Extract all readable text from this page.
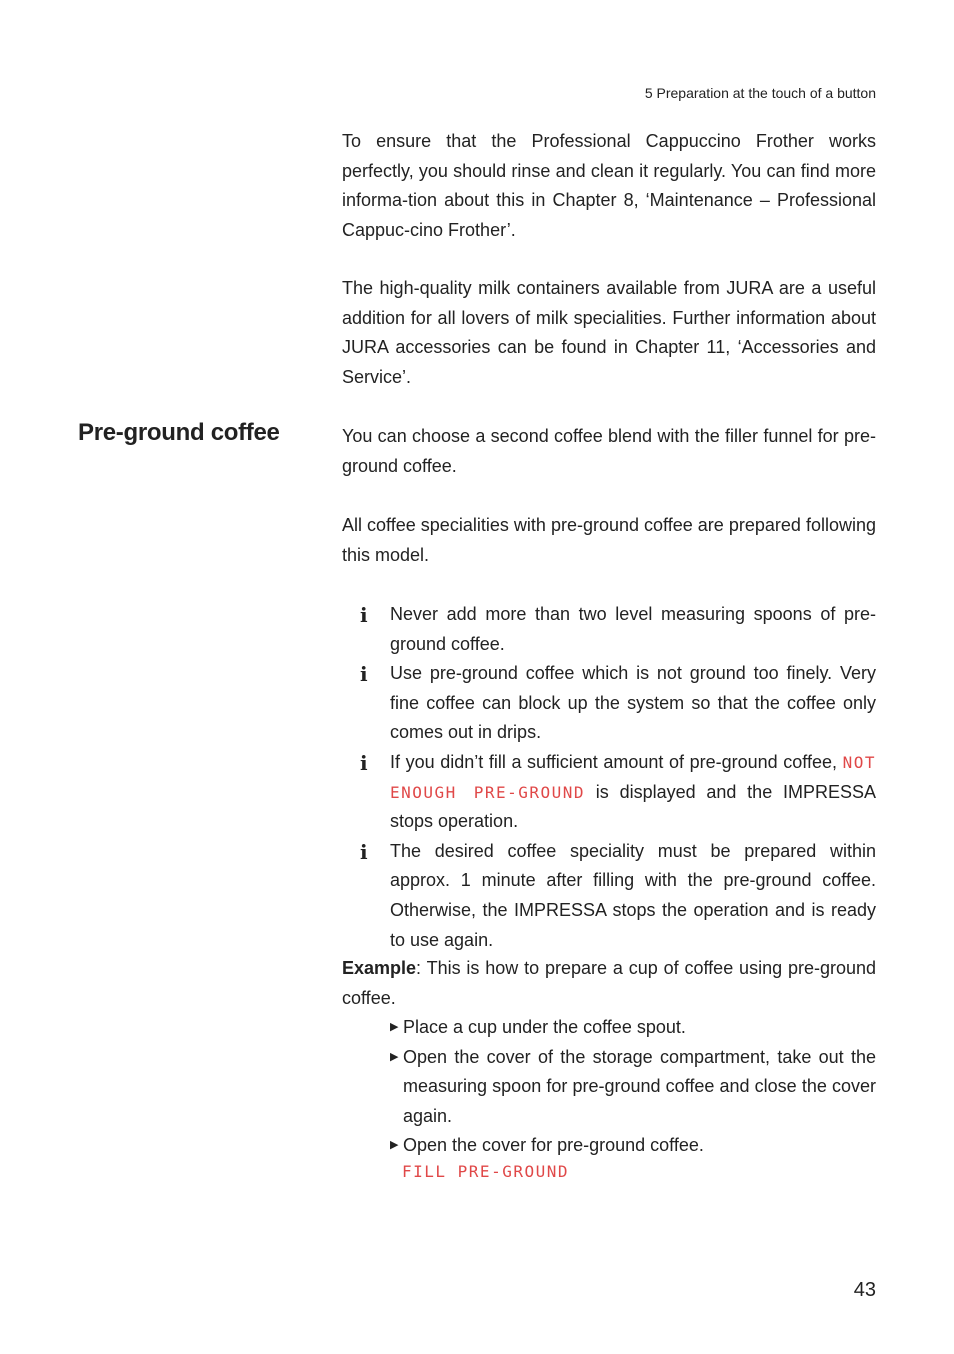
5 Preparation at the touch of a button
To ensure that the Professional Cappuccino Frother works perfectly, you should rinse and clean it regularly. You can find more informa-tion about this in Chapter 8, ‘Maintenance – Professional Cappuc-cino Frother’.
The high-quality milk containers available from JURA are a useful addition for all lovers of milk specialities. Further information about JURA accessories can be found in Chapter 11, ‘Accessories and Service’.
Pre-ground coffee	You can choose a second coffee blend with the filler funnel for pre-ground coffee.
All coffee specialities with pre-ground coffee are prepared following this model.
i Never add more than two level measuring spoons of pre-ground coffee.
i Use pre-ground coffee which is not ground too finely. Very fine coffee can block up the system so that the coffee only comes out in drips.
i If you didn’t fill a sufficient amount of pre-ground coffee, NOT ENOUGH PRE-GROUND is displayed and the IMPRESSA stops operation.
i The desired coffee speciality must be prepared within approx. 1 minute after filling with the pre-ground coffee. Otherwise, the IMPRESSA stops the operation and is ready to use again.
Example: This is how to prepare a cup of coffee using pre-ground coffee.
▶ Place a cup under the coffee spout.
▶ Open the cover of the storage compartment, take out the measuring spoon for pre-ground coffee and close the cover again.
▶ Open the cover for pre-ground coffee.
FILL PRE-GROUND
43
